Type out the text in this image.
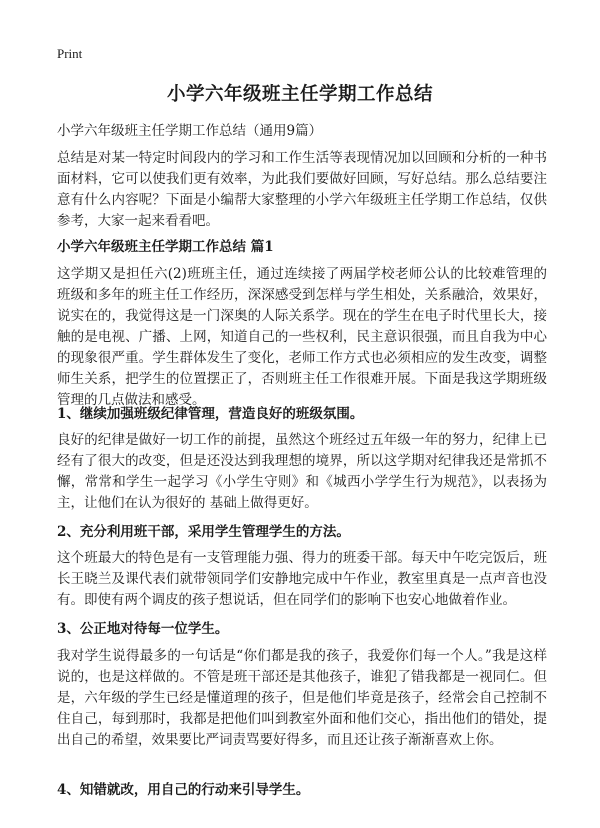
Print
小学六年级班主任学期工作总结

小学六年级班主任学期工作总结（通用9篇）

总结是对某一特定时间段内的学习和工作生活等表现情况加以回顾和分析的一种书面材料，它可以使我们更有效率，为此我们要做好回顾，写好总结。那么总结要注意有什么内容呢？下面是小编帮大家整理的小学六年级班主任学期工作总结，仅供参考，大家一起来看看吧。

小学六年级班主任学期工作总结 篇1

这学期又是担任六(2)班班主任，通过连续接了两届学校老师公认的比较难管理的班级和多年的班主任工作经历，深深感受到怎样与学生相处，关系融洽，效果好，说实在的，我觉得这是一门深奥的人际关系学。现在的学生在电子时代里长大，接触的是电视、广播、上网，知道自己的一些权利，民主意识很强，而且自我为中心的现象很严重。学生群体发生了变化，老师工作方式也必须相应的发生改变，调整师生关系，把学生的位置摆正了，否则班主任工作很难开展。下面是我这学期班级管理的几点做法和感受。

1、继续加强班级纪律管理，营造良好的班级氛围。

良好的纪律是做好一切工作的前提，虽然这个班经过五年级一年的努力，纪律上已经有了很大的改变，但是还没达到我理想的境界，所以这学期对纪律我还是常抓不懈，常常和学生一起学习《小学生守则》和《城西小学学生行为规范》，以表扬为主，让他们在认为很好的 基础上做得更好。

2、充分利用班干部，采用学生管理学生的方法。

这个班最大的特色是有一支管理能力强、得力的班委干部。每天中午吃完饭后，班长王晓兰及课代表们就带领同学们安静地完成中午作业，教室里真是一点声音也没有。即使有两个调皮的孩子想说话，但在同学们的影响下也安心地做着作业。

3、公正地对待每一位学生。

我对学生说得最多的一句话是“你们都是我的孩子，我爱你们每一个人。”我是这样说的，也是这样做的。不管是班干部还是其他孩子，谁犯了错我都是一视同仁。但是，六年级的学生已经是懂道理的孩子，但是他们毕竟是孩子，经常会自己控制不住自己，每到那时，我都是把他们叫到教室外面和他们交心，指出他们的错处，提出自己的希望，效果要比严词责骂要好得多，而且还让孩子渐渐喜欢上你。

4、知错就改，用自己的行动来引导学生。
